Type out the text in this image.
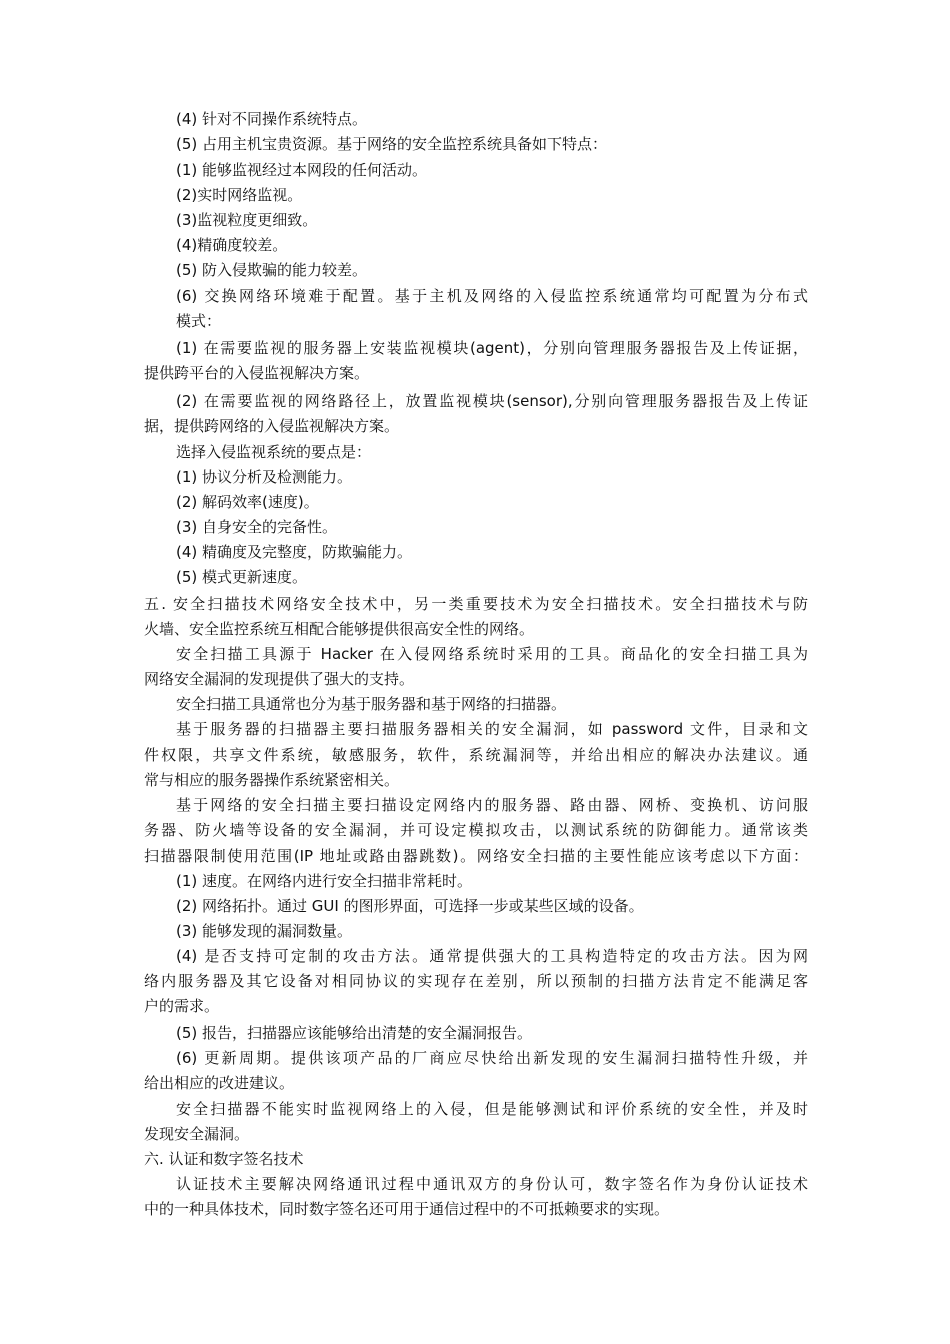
(4) 针对不同操作系统特点。
(5) 占用主机宝贵资源。基于网络的安全监控系统具备如下特点：
(1) 能够监视经过本网段的任何活动。
(2)实时网络监视。
(3)监视粒度更细致。
(4)精确度较差。
(5) 防入侵欺骗的能力较差。
(6) 交换网络环境难于配置。基于主机及网络的入侵监控系统通常均可配置为分布式
模式：
(1) 在需要监视的服务器上安装监视模块(agent)，分别向管理服务器报告及上传证据，
提供跨平台的入侵监视解决方案。
(2) 在需要监视的网络路径上，放置监视模块(sensor),分别向管理服务器报告及上传证
据，提供跨网络的入侵监视解决方案。
选择入侵监视系统的要点是：
(1) 协议分析及检测能力。
(2) 解码效率(速度)。
(3) 自身安全的完备性。
(4) 精确度及完整度，防欺骗能力。
(5) 模式更新速度。
五. 安全扫描技术网络安全技术中，另一类重要技术为安全扫描技术。安全扫描技术与防
火墙、安全监控系统互相配合能够提供很高安全性的网络。
安全扫描工具源于 Hacker 在入侵网络系统时采用的工具。商品化的安全扫描工具为
网络安全漏洞的发现提供了强大的支持。
安全扫描工具通常也分为基于服务器和基于网络的扫描器。
基于服务器的扫描器主要扫描服务器相关的安全漏洞，如 password 文件，目录和文
件权限，共享文件系统，敏感服务，软件，系统漏洞等，并给出相应的解决办法建议。通
常与相应的服务器操作系统紧密相关。
基于网络的安全扫描主要扫描设定网络内的服务器、路由器、网桥、变换机、访问服
务器、防火墙等设备的安全漏洞，并可设定模拟攻击，以测试系统的防御能力。通常该类
扫描器限制使用范围(IP 地址或路由器跳数)。网络安全扫描的主要性能应该考虑以下方面：
(1) 速度。在网络内进行安全扫描非常耗时。
(2) 网络拓扑。通过 GUI 的图形界面，可选择一步或某些区域的设备。
(3) 能够发现的漏洞数量。
(4) 是否支持可定制的攻击方法。通常提供强大的工具构造特定的攻击方法。因为网
络内服务器及其它设备对相同协议的实现存在差别，所以预制的扫描方法肯定不能满足客
户的需求。
(5) 报告，扫描器应该能够给出清楚的安全漏洞报告。
(6) 更新周期。提供该项产品的厂商应尽快给出新发现的安生漏洞扫描特性升级，并
给出相应的改进建议。
安全扫描器不能实时监视网络上的入侵，但是能够测试和评价系统的安全性，并及时
发现安全漏洞。
六. 认证和数字签名技术
认证技术主要解决网络通讯过程中通讯双方的身份认可，数字签名作为身份认证技术
中的一种具体技术，同时数字签名还可用于通信过程中的不可抵赖要求的实现。
